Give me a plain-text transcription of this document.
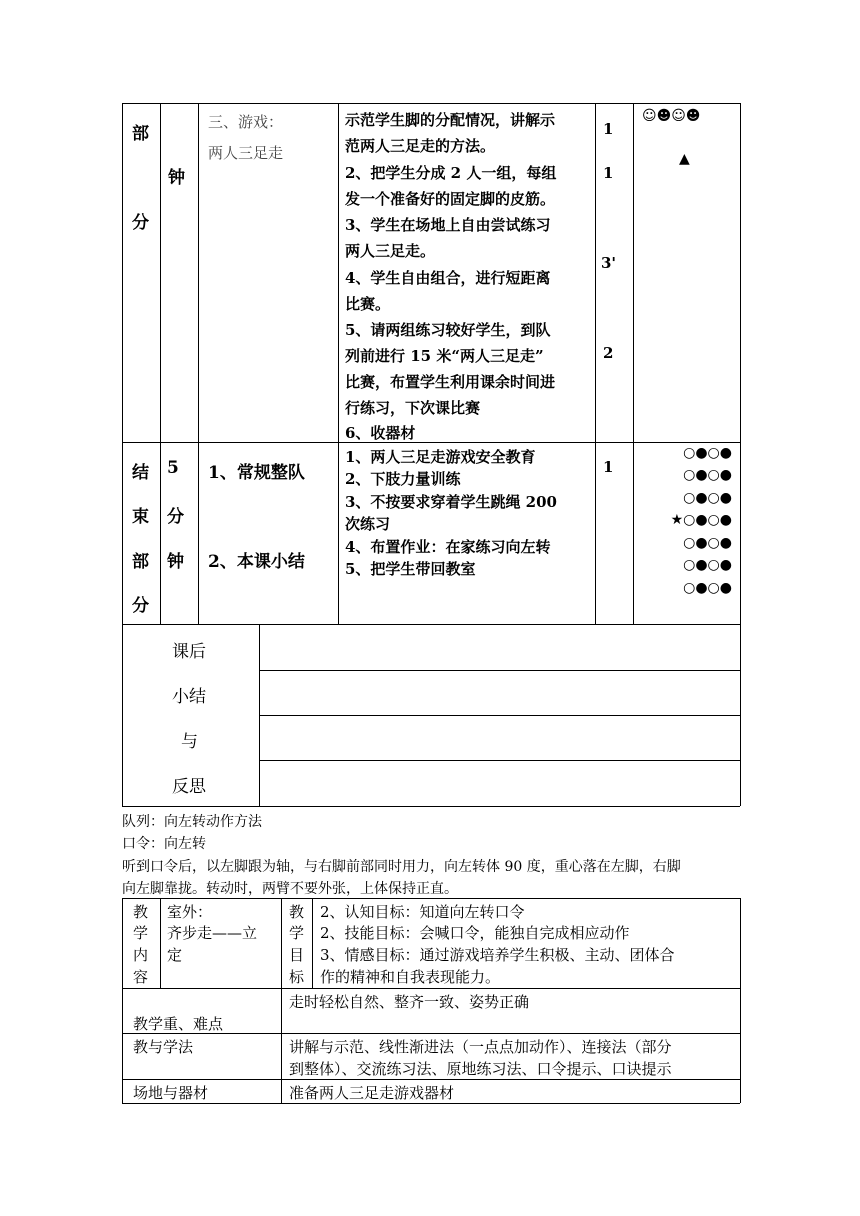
部
分
钟
三、游戏：
两人三足走
示范学生脚的分配情况，讲解示
范两人三足走的方法。
2、把学生分成 2 人一组，每组
发一个准备好的固定脚的皮筋。
3、学生在场地上自由尝试练习
两人三足走。
4、学生自由组合，进行短距离
比赛。
5、请两组练习较好学生，到队
列前进行 15 米“两人三足走”
比赛，布置学生利用课余时间进
行练习，下次课比赛
6、收器材
1
1
3'
2
☺☻☺☻
▲
结
束
部
分
5
分
钟
1、常规整队
2、本课小结
1、两人三足走游戏安全教育
2、下肢力量训练
3、不按要求穿着学生跳绳 200
次练习
4、布置作业：在家练习向左转
5、把学生带回教室
1
○●○●
○●○●
○●○●
★○●○●
○●○●
○●○●
○●○●
课后
小结
与
反思
队列：向左转动作方法
口令：向左转
听到口令后，以左脚跟为轴，与右脚前部同时用力，向左转体 90 度，重心落在左脚，右脚
向左脚靠拢。转动时，两臂不要外张，上体保持正直。
教
学
内
容
室外：
齐步走——立
定
教
学
目
标
2、认知目标：知道向左转口令
2、技能目标：会喊口令，能独自完成相应动作
3、情感目标：通过游戏培养学生积极、主动、团体合
作的精神和自我表现能力。
教学重、难点
走时轻松自然、整齐一致、姿势正确
教与学法	讲解与示范、线性渐进法（一点点加动作）、连接法（部分
到整体）、交流练习法、原地练习法、口令提示、口诀提示
场地与器材	准备两人三足走游戏器材
